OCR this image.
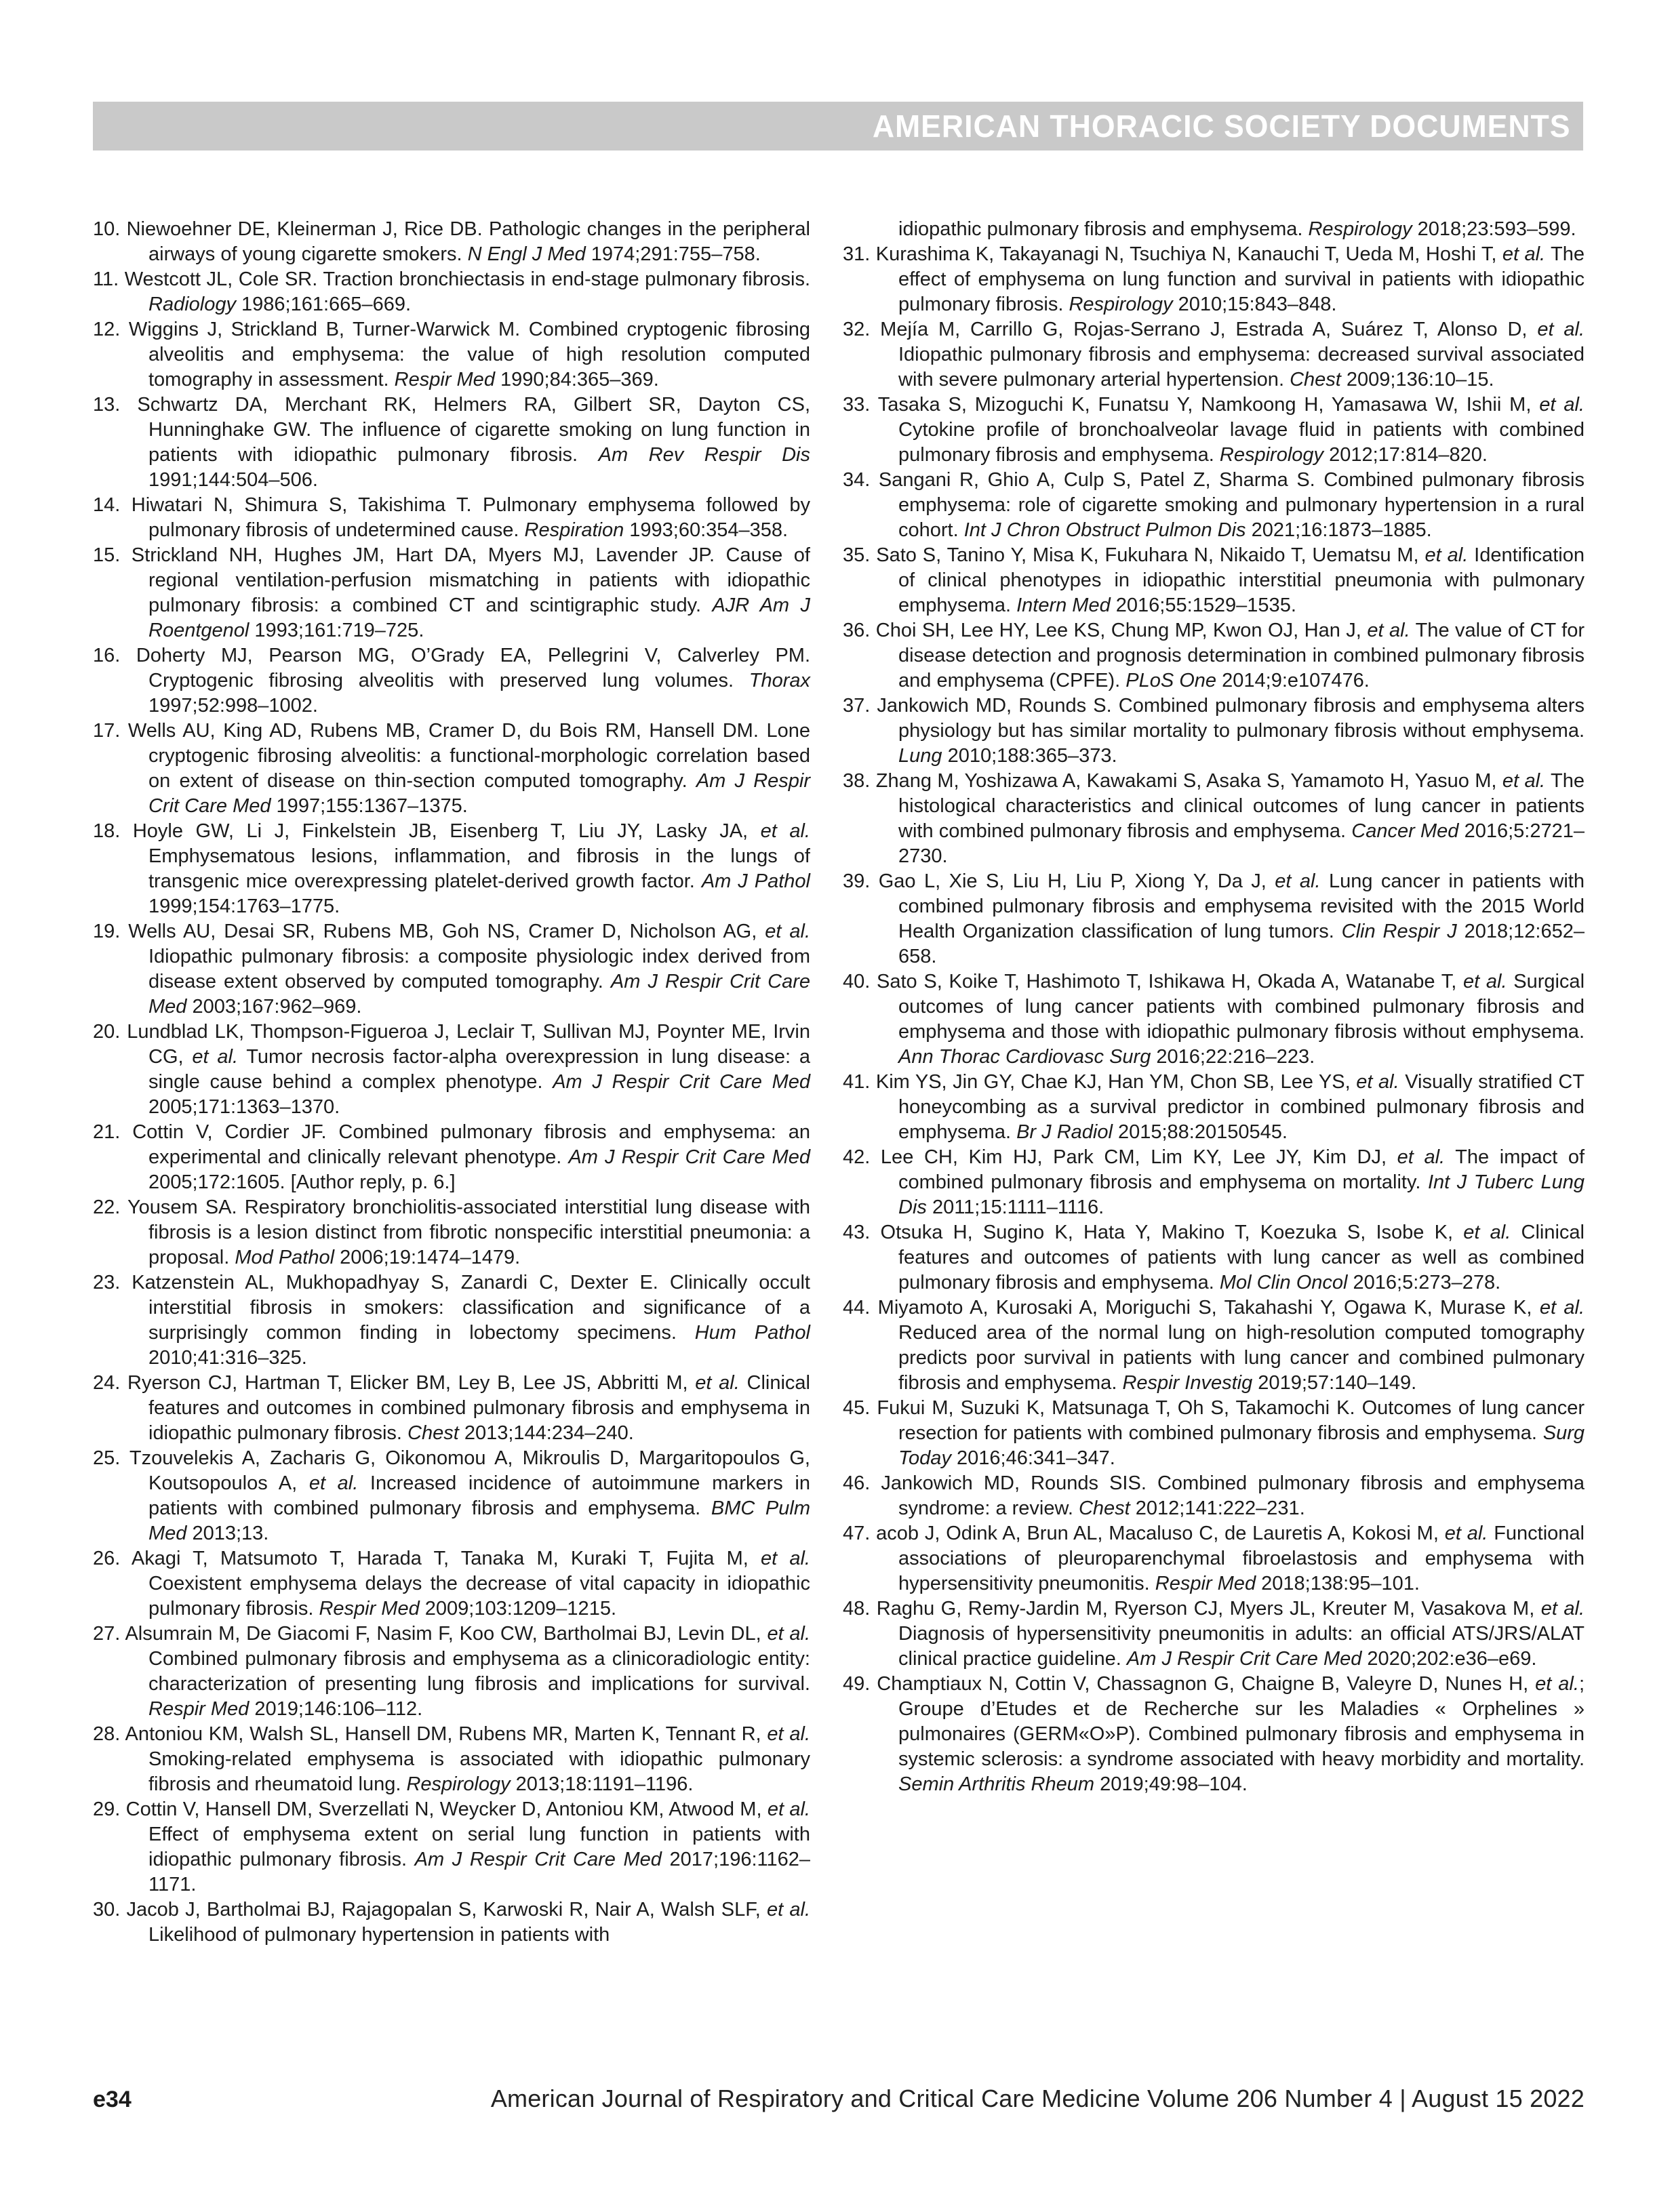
AMERICAN THORACIC SOCIETY DOCUMENTS
10. Niewoehner DE, Kleinerman J, Rice DB. Pathologic changes in the peripheral airways of young cigarette smokers. N Engl J Med 1974;291:755–758.
11. Westcott JL, Cole SR. Traction bronchiectasis in end-stage pulmonary fibrosis. Radiology 1986;161:665–669.
12. Wiggins J, Strickland B, Turner-Warwick M. Combined cryptogenic fibrosing alveolitis and emphysema: the value of high resolution computed tomography in assessment. Respir Med 1990;84:365–369.
13. Schwartz DA, Merchant RK, Helmers RA, Gilbert SR, Dayton CS, Hunninghake GW. The influence of cigarette smoking on lung function in patients with idiopathic pulmonary fibrosis. Am Rev Respir Dis 1991;144:504–506.
14. Hiwatari N, Shimura S, Takishima T. Pulmonary emphysema followed by pulmonary fibrosis of undetermined cause. Respiration 1993;60:354–358.
15. Strickland NH, Hughes JM, Hart DA, Myers MJ, Lavender JP. Cause of regional ventilation-perfusion mismatching in patients with idiopathic pulmonary fibrosis: a combined CT and scintigraphic study. AJR Am J Roentgenol 1993;161:719–725.
16. Doherty MJ, Pearson MG, O’Grady EA, Pellegrini V, Calverley PM. Cryptogenic fibrosing alveolitis with preserved lung volumes. Thorax 1997;52:998–1002.
17. Wells AU, King AD, Rubens MB, Cramer D, du Bois RM, Hansell DM. Lone cryptogenic fibrosing alveolitis: a functional-morphologic correlation based on extent of disease on thin-section computed tomography. Am J Respir Crit Care Med 1997;155:1367–1375.
18. Hoyle GW, Li J, Finkelstein JB, Eisenberg T, Liu JY, Lasky JA, et al. Emphysematous lesions, inflammation, and fibrosis in the lungs of transgenic mice overexpressing platelet-derived growth factor. Am J Pathol 1999;154:1763–1775.
19. Wells AU, Desai SR, Rubens MB, Goh NS, Cramer D, Nicholson AG, et al. Idiopathic pulmonary fibrosis: a composite physiologic index derived from disease extent observed by computed tomography. Am J Respir Crit Care Med 2003;167:962–969.
20. Lundblad LK, Thompson-Figueroa J, Leclair T, Sullivan MJ, Poynter ME, Irvin CG, et al. Tumor necrosis factor-alpha overexpression in lung disease: a single cause behind a complex phenotype. Am J Respir Crit Care Med 2005;171:1363–1370.
21. Cottin V, Cordier JF. Combined pulmonary fibrosis and emphysema: an experimental and clinically relevant phenotype. Am J Respir Crit Care Med 2005;172:1605. [Author reply, p. 6.]
22. Yousem SA. Respiratory bronchiolitis-associated interstitial lung disease with fibrosis is a lesion distinct from fibrotic nonspecific interstitial pneumonia: a proposal. Mod Pathol 2006;19:1474–1479.
23. Katzenstein AL, Mukhopadhyay S, Zanardi C, Dexter E. Clinically occult interstitial fibrosis in smokers: classification and significance of a surprisingly common finding in lobectomy specimens. Hum Pathol 2010;41:316–325.
24. Ryerson CJ, Hartman T, Elicker BM, Ley B, Lee JS, Abbritti M, et al. Clinical features and outcomes in combined pulmonary fibrosis and emphysema in idiopathic pulmonary fibrosis. Chest 2013;144:234–240.
25. Tzouvelekis A, Zacharis G, Oikonomou A, Mikroulis D, Margaritopoulos G, Koutsopoulos A, et al. Increased incidence of autoimmune markers in patients with combined pulmonary fibrosis and emphysema. BMC Pulm Med 2013;13.
26. Akagi T, Matsumoto T, Harada T, Tanaka M, Kuraki T, Fujita M, et al. Coexistent emphysema delays the decrease of vital capacity in idiopathic pulmonary fibrosis. Respir Med 2009;103:1209–1215.
27. Alsumrain M, De Giacomi F, Nasim F, Koo CW, Bartholmai BJ, Levin DL, et al. Combined pulmonary fibrosis and emphysema as a clinicoradiologic entity: characterization of presenting lung fibrosis and implications for survival. Respir Med 2019;146:106–112.
28. Antoniou KM, Walsh SL, Hansell DM, Rubens MR, Marten K, Tennant R, et al. Smoking-related emphysema is associated with idiopathic pulmonary fibrosis and rheumatoid lung. Respirology 2013;18:1191–1196.
29. Cottin V, Hansell DM, Sverzellati N, Weycker D, Antoniou KM, Atwood M, et al. Effect of emphysema extent on serial lung function in patients with idiopathic pulmonary fibrosis. Am J Respir Crit Care Med 2017;196:1162–1171.
30. Jacob J, Bartholmai BJ, Rajagopalan S, Karwoski R, Nair A, Walsh SLF, et al. Likelihood of pulmonary hypertension in patients with
idiopathic pulmonary fibrosis and emphysema. Respirology 2018;23:593–599.
31. Kurashima K, Takayanagi N, Tsuchiya N, Kanauchi T, Ueda M, Hoshi T, et al. The effect of emphysema on lung function and survival in patients with idiopathic pulmonary fibrosis. Respirology 2010;15:843–848.
32. Mejía M, Carrillo G, Rojas-Serrano J, Estrada A, Suárez T, Alonso D, et al. Idiopathic pulmonary fibrosis and emphysema: decreased survival associated with severe pulmonary arterial hypertension. Chest 2009;136:10–15.
33. Tasaka S, Mizoguchi K, Funatsu Y, Namkoong H, Yamasawa W, Ishii M, et al. Cytokine profile of bronchoalveolar lavage fluid in patients with combined pulmonary fibrosis and emphysema. Respirology 2012;17:814–820.
34. Sangani R, Ghio A, Culp S, Patel Z, Sharma S. Combined pulmonary fibrosis emphysema: role of cigarette smoking and pulmonary hypertension in a rural cohort. Int J Chron Obstruct Pulmon Dis 2021;16:1873–1885.
35. Sato S, Tanino Y, Misa K, Fukuhara N, Nikaido T, Uematsu M, et al. Identification of clinical phenotypes in idiopathic interstitial pneumonia with pulmonary emphysema. Intern Med 2016;55:1529–1535.
36. Choi SH, Lee HY, Lee KS, Chung MP, Kwon OJ, Han J, et al. The value of CT for disease detection and prognosis determination in combined pulmonary fibrosis and emphysema (CPFE). PLoS One 2014;9:e107476.
37. Jankowich MD, Rounds S. Combined pulmonary fibrosis and emphysema alters physiology but has similar mortality to pulmonary fibrosis without emphysema. Lung 2010;188:365–373.
38. Zhang M, Yoshizawa A, Kawakami S, Asaka S, Yamamoto H, Yasuo M, et al. The histological characteristics and clinical outcomes of lung cancer in patients with combined pulmonary fibrosis and emphysema. Cancer Med 2016;5:2721–2730.
39. Gao L, Xie S, Liu H, Liu P, Xiong Y, Da J, et al. Lung cancer in patients with combined pulmonary fibrosis and emphysema revisited with the 2015 World Health Organization classification of lung tumors. Clin Respir J 2018;12:652–658.
40. Sato S, Koike T, Hashimoto T, Ishikawa H, Okada A, Watanabe T, et al. Surgical outcomes of lung cancer patients with combined pulmonary fibrosis and emphysema and those with idiopathic pulmonary fibrosis without emphysema. Ann Thorac Cardiovasc Surg 2016;22:216–223.
41. Kim YS, Jin GY, Chae KJ, Han YM, Chon SB, Lee YS, et al. Visually stratified CT honeycombing as a survival predictor in combined pulmonary fibrosis and emphysema. Br J Radiol 2015;88:20150545.
42. Lee CH, Kim HJ, Park CM, Lim KY, Lee JY, Kim DJ, et al. The impact of combined pulmonary fibrosis and emphysema on mortality. Int J Tuberc Lung Dis 2011;15:1111–1116.
43. Otsuka H, Sugino K, Hata Y, Makino T, Koezuka S, Isobe K, et al. Clinical features and outcomes of patients with lung cancer as well as combined pulmonary fibrosis and emphysema. Mol Clin Oncol 2016;5:273–278.
44. Miyamoto A, Kurosaki A, Moriguchi S, Takahashi Y, Ogawa K, Murase K, et al. Reduced area of the normal lung on high-resolution computed tomography predicts poor survival in patients with lung cancer and combined pulmonary fibrosis and emphysema. Respir Investig 2019;57:140–149.
45. Fukui M, Suzuki K, Matsunaga T, Oh S, Takamochi K. Outcomes of lung cancer resection for patients with combined pulmonary fibrosis and emphysema. Surg Today 2016;46:341–347.
46. Jankowich MD, Rounds SIS. Combined pulmonary fibrosis and emphysema syndrome: a review. Chest 2012;141:222–231.
47. acob J, Odink A, Brun AL, Macaluso C, de Lauretis A, Kokosi M, et al. Functional associations of pleuroparenchymal fibroelastosis and emphysema with hypersensitivity pneumonitis. Respir Med 2018;138:95–101.
48. Raghu G, Remy-Jardin M, Ryerson CJ, Myers JL, Kreuter M, Vasakova M, et al. Diagnosis of hypersensitivity pneumonitis in adults: an official ATS/JRS/ALAT clinical practice guideline. Am J Respir Crit Care Med 2020;202:e36–e69.
49. Champtiaux N, Cottin V, Chassagnon G, Chaigne B, Valeyre D, Nunes H, et al.; Groupe d’Etudes et de Recherche sur les Maladies « Orphelines » pulmonaires (GERM«O»P). Combined pulmonary fibrosis and emphysema in systemic sclerosis: a syndrome associated with heavy morbidity and mortality. Semin Arthritis Rheum 2019;49:98–104.
e34	American Journal of Respiratory and Critical Care Medicine Volume 206 Number 4 | August 15 2022
